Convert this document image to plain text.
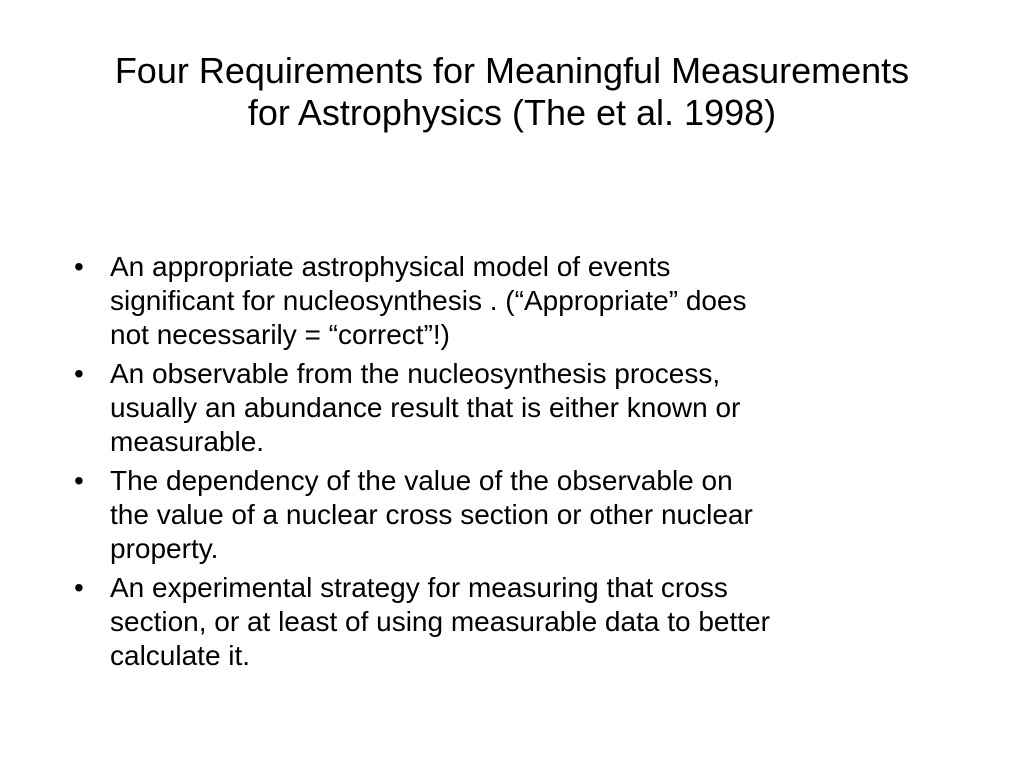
Four Requirements for Meaningful Measurements
for Astrophysics (The et al. 1998)
• An appropriate astrophysical model of events
significant for nucleosynthesis . (“Appropriate” does
not necessarily = “correct”!)
• An observable from the nucleosynthesis process,
usually an abundance result that is either known or
measurable.
• The dependency of the value of the observable on
the value of a nuclear cross section or other nuclear
property.
• An experimental strategy for measuring that cross
section, or at least of using measurable data to better
calculate it.
